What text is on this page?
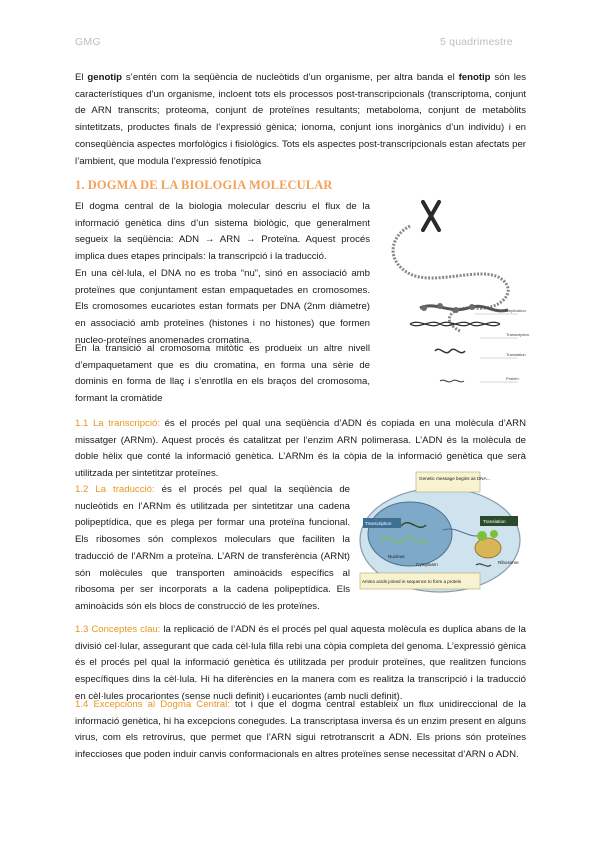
GMG	5 quadrimestre

El genotip s’entén com la seqüència de nucleòtids d’un organisme, per altra banda el fenotip són les característiques d’un organisme, incloent tots els processos post-transcripcionals (transcriptoma, conjunt de ARN transcrits; proteoma, conjunt de proteïnes resultants; metaboloma, conjunt de metabòlits sintetitzats, productes finals de l’expressió gènica; ionoma, conjunt ions inorgànics d’un individu) i en conseqüència aspectes morfològics i fisiològics. Tots els aspectes post-transcripcionals estan afectats per l’ambient, que modula l’expressió fenotípica

1. DOGMA DE LA BIOLOGIA MOLECULAR

El dogma central de la biologia molecular descriu el flux de la informació genètica dins d’un sistema biològic, que generalment segueix la seqüència: ADN → ARN → Proteïna. Aquest procés implica dues etapes principals: la transcripció i la traducció.

En una cèl·lula, el DNA no es troba “nu”, sinó en associació amb proteïnes que conjuntament estan empaquetades en cromosomes. Els cromosomes eucariotes estan formats per DNA (2nm diàmetre) en associació amb proteïnes (histones i no histones) que formen nucleo-proteïnes anomenades cromatina.

En la transició al cromosoma mitòtic es produeix un altre nivell d’empaquetament que es diu cromatina, en forma una sèrie de dominis en forma de llaç i s’enrotlla en els braços del cromosoma, formant la cromàtide

Replication
Transcription
Translation
Protein

1.1 La transcripció: és el procés pel qual una seqüència d’ADN és copiada en una molècula d’ARN missatger (ARNm). Aquest procés és catalitzat per l’enzim ARN polimerasa. L’ADN és la molècula de doble hèlix que conté la informació genètica. L’ARNm és la còpia de la informació genètica que serà utilitzada per sintetitzar proteïnes.

1.2 La traducció: és el procés pel qual la seqüència de nucleòtids en l’ARNm és utilitzada per sintetitzar una cadena polipeptídica, que es plega per formar una proteïna funcional. Els ribosomes són complexos moleculars que faciliten la traducció de l’ARNm a proteïna. L’ARN de transferència (ARNt) són molècules que transporten aminoàcids específics al ribosoma per ser incorporats a la cadena polipeptídica. Els aminoàcids són els blocs de construcció de les proteïnes.

Genetic message begins as DNA...
Transcription	Translation
Nucleus
Ribosome
Cytoplasm
Amino acids joined in sequence to form a protein

1.3 Conceptes clau: la replicació de l’ADN és el procés pel qual aquesta molècula es duplica abans de la divisió cel·lular, assegurant que cada cèl·lula filla rebi una còpia completa del genoma. L’expressió gènica és el procés pel qual la informació genètica és utilitzada per produir proteïnes, que realitzen funcions específiques dins la cèl·lula. Hi ha diferències en la manera com es realitza la transcripció i la traducció en cèl·lules procariontes (sense nucli definit) i eucariontes (amb nucli definit).

1.4 Excepcions al Dogma Central: tot i que el dogma central estableix un flux unidireccional de la informació genètica, hi ha excepcions conegudes. La transcriptasa inversa és un enzim present en alguns virus, com els retrovirus, que permet que l’ARN sigui retrotranscrit a ADN. Els prions són proteïnes infeccioses que poden induir canvis conformacionals en altres proteïnes sense necessitat d’ARN o ADN.
